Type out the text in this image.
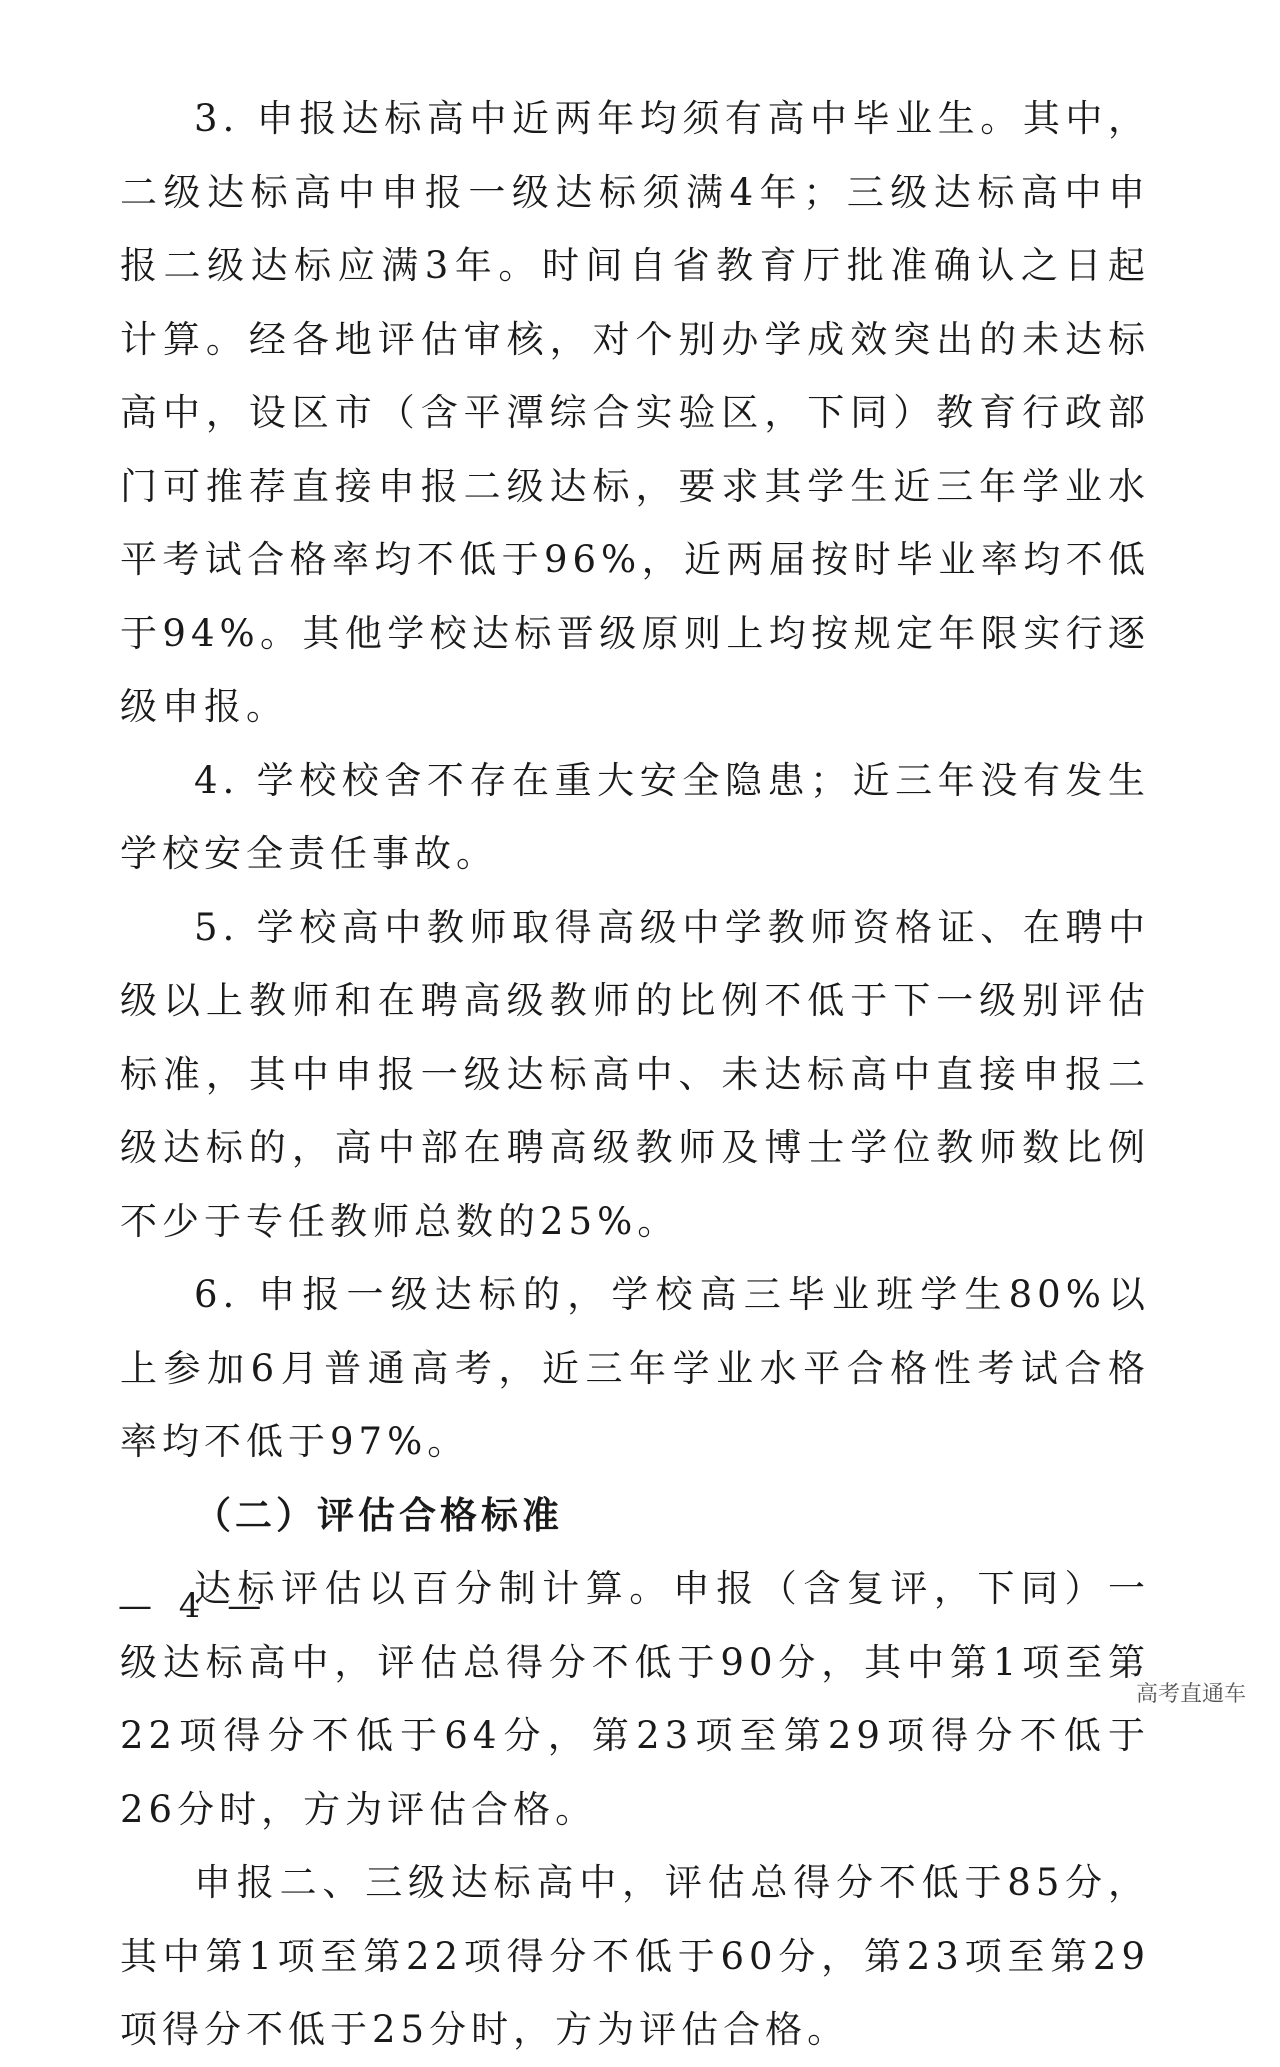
3. 申报达标高中近两年均须有高中毕业生。其中，二级达标高中申报一级达标须满4年；三级达标高中申报二级达标应满3年。时间自省教育厅批准确认之日起计算。经各地评估审核，对个别办学成效突出的未达标高中，设区市（含平潭综合实验区，下同）教育行政部门可推荐直接申报二级达标，要求其学生近三年学业水平考试合格率均不低于96%，近两届按时毕业率均不低于94%。其他学校达标晋级原则上均按规定年限实行逐级申报。

4. 学校校舍不存在重大安全隐患；近三年没有发生学校安全责任事故。

5. 学校高中教师取得高级中学教师资格证、在聘中级以上教师和在聘高级教师的比例不低于下一级别评估标准，其中申报一级达标高中、未达标高中直接申报二级达标的，高中部在聘高级教师及博士学位教师数比例不少于专任教师总数的25%。

6. 申报一级达标的，学校高三毕业班学生80%以上参加6月普通高考，近三年学业水平合格性考试合格率均不低于97%。

（二）评估合格标准

达标评估以百分制计算。申报（含复评，下同）一级达标高中，评估总得分不低于90分，其中第1项至第22项得分不低于64分，第23项至第29项得分不低于26分时，方为评估合格。

申报二、三级达标高中，评估总得分不低于85分，其中第1项至第22项得分不低于60分，第23项至第29项得分不低于25分时，方为评估合格。

— 4 —
高考直通车
